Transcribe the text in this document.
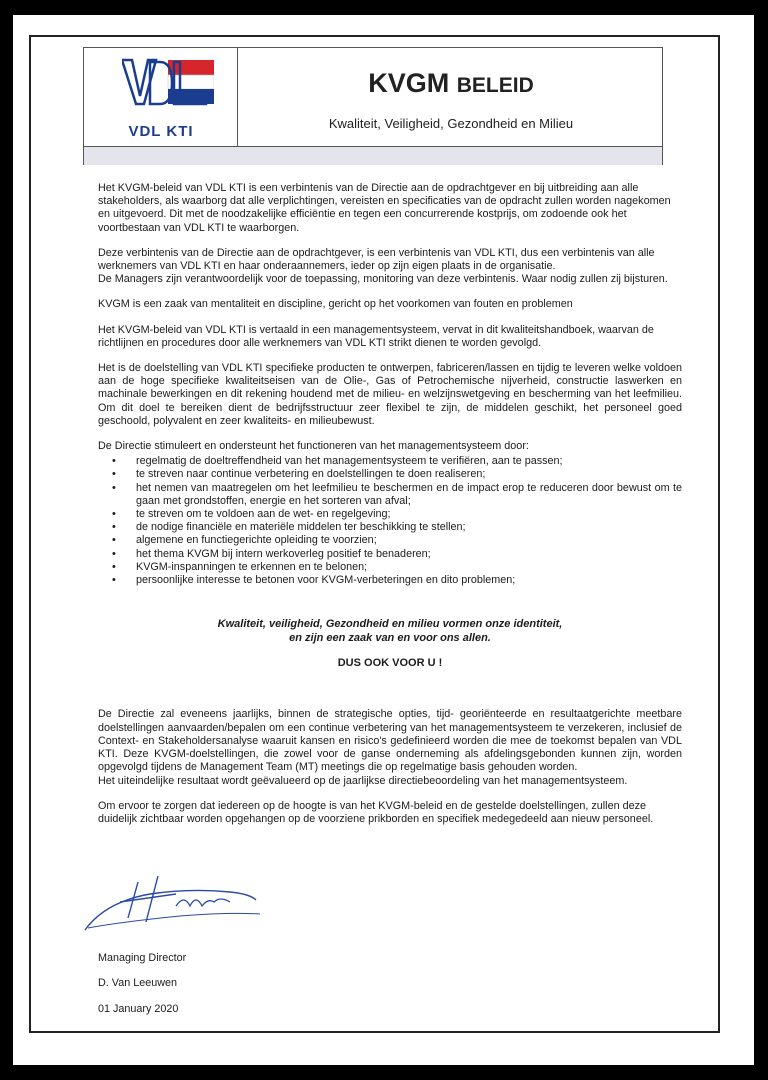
VDL KTI
KVGM BELEID
Kwaliteit, Veiligheid, Gezondheid en Milieu

Het KVGM-beleid van VDL KTI is een verbintenis van de Directie aan de opdrachtgever en bij uitbreiding aan alle stakeholders, als waarborg dat alle verplichtingen, vereisten en specificaties van de opdracht zullen worden nagekomen en uitgevoerd. Dit met de noodzakelijke efficiëntie en tegen een concurrerende kostprijs, om zodoende ook het voortbestaan van VDL KTI te waarborgen.

Deze verbintenis van de Directie aan de opdrachtgever, is een verbintenis van VDL KTI, dus een verbintenis van alle werknemers van VDL KTI en haar onderaannemers, ieder op zijn eigen plaats in de organisatie.
De Managers zijn verantwoordelijk voor de toepassing, monitoring van deze verbintenis. Waar nodig zullen zij bijsturen.

KVGM is een zaak van mentaliteit en discipline, gericht op het voorkomen van fouten en problemen

Het KVGM-beleid van VDL KTI is vertaald in een managementsysteem, vervat in dit kwaliteitshandboek, waarvan de richtlijnen en procedures door alle werknemers van VDL KTI strikt dienen te worden gevolgd.

Het is de doelstelling van VDL KTI specifieke producten te ontwerpen, fabriceren/lassen en tijdig te leveren welke voldoen aan de hoge specifieke kwaliteitseisen van de Olie-, Gas of Petrochemische nijverheid, constructie laswerken en machinale bewerkingen en dit rekening houdend met de milieu- en welzijnswetgeving en bescherming van het leefmilieu. Om dit doel te bereiken dient de bedrijfsstructuur zeer flexibel te zijn, de middelen geschikt, het personeel goed geschoold, polyvalent en zeer kwaliteits- en milieubewust.

De Directie stimuleert en ondersteunt het functioneren van het managementsysteem door:

• regelmatig de doeltreffendheid van het managementsysteem te verifiëren, aan te passen;
• te streven naar continue verbetering en doelstellingen te doen realiseren;
• het nemen van maatregelen om het leefmilieu te beschermen en de impact erop te reduceren door bewust om te gaan met grondstoffen, energie en het sorteren van afval;
• te streven om te voldoen aan de wet- en regelgeving;
• de nodige financiële en materiële middelen ter beschikking te stellen;
• algemene en functiegerichte opleiding te voorzien;
• het thema KVGM bij intern werkoverleg positief te benaderen;
• KVGM-inspanningen te erkennen en te belonen;
• persoonlijke interesse te betonen voor KVGM-verbeteringen en dito problemen;

Kwaliteit, veiligheid, Gezondheid en milieu vormen onze identiteit,
en zijn een zaak van en voor ons allen.

DUS OOK VOOR U !

De Directie zal eveneens jaarlijks, binnen de strategische opties, tijd- georiënteerde en resultaatgerichte meetbare doelstellingen aanvaarden/bepalen om een continue verbetering van het managementsysteem te verzekeren, inclusief de Context- en Stakeholdersanalyse waaruit kansen en risico's gedefinieerd worden die mee de toekomst bepalen van VDL KTI. Deze KVGM-doelstellingen, die zowel voor de ganse onderneming als afdelingsgebonden kunnen zijn, worden opgevolgd tijdens de Management Team (MT) meetings die op regelmatige basis gehouden worden.

Het uiteindelijke resultaat wordt geëvalueerd op de jaarlijkse directiebeoordeling van het managementsysteem.

Om ervoor te zorgen dat iedereen op de hoogte is van het KVGM-beleid en de gestelde doelstellingen, zullen deze duidelijk zichtbaar worden opgehangen op de voorziene prikborden en specifiek medegedeeld aan nieuw personeel.

Managing Director
D. Van Leeuwen
01 January 2020
